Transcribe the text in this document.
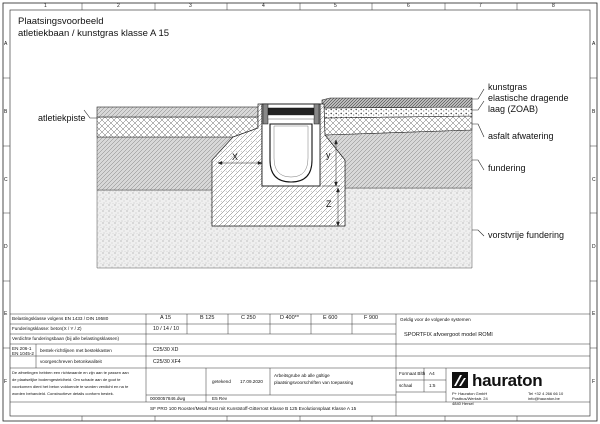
1	2	3	4	5	6	7	8
A
B
C
D
E
F
A
B
C
D
E
F
Plaatsingsvoorbeeld
atletiekbaan / kunstgras klasse A 15
kunstgras
elastische dragende
laag (ZOAB)
asfalt afwatering
fundering
vorstvrije fundering
atletiekpiste
X	y
Z
Belastingsklasse volgens EN 1433 / DIN 19580	A 15	B 125	C 250	D 400**	E 600	F 900
Funderingsklasse: beton(X / Y / Z)	10 / 14 / 10
Verdichte funderingsbaan (bij alle belastingsklassen)
EN 206-1
EN 1045-2
bestek-richtlijnen met bestekkasten	C25/30 XD
voorgeschreven betonkwaliteit	C25/30 XF4
De afmetingen hebben een richtwaarde en zijn aan te passen aan
de plaatselijke bodemgesteldheid. Om schade aan de goot te
voorkomen dient het beton voldoende te worden verdicht en na te
worden behandeld. Constructieve details conform bestek.
getekend 17.09.2020
Arbeitsgrube ab alle gültige
plaatsingsvoorschriften van toepassing
0000057846.dwg	E5 Rev
SF PRO 100 Rooster/Metal Rost mit Kunststoff-Gitterrost Klasse B 125 Evolutionsplaat Klasse A 15
Geldig voor de volgende systemen
SPORTFIX afvoergoot model ROMI
Formaat Blth A4
schaal	1:5 hauraton
P+ Hauraton GmbH
Postbus/Werkstr. 24
4840 Hersel
Tel +32 4 266 66 10
info@hauraton.be
